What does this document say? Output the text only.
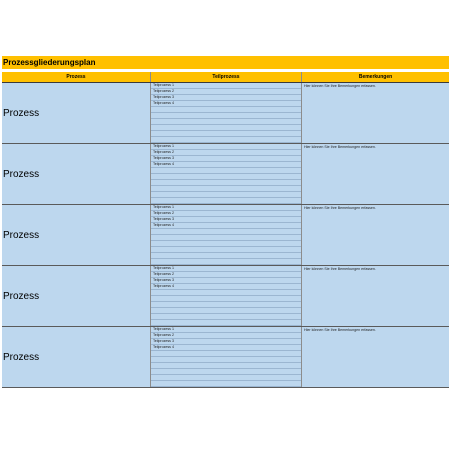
Prozessgliederungsplan
Prozess	Teilprozess	Bemerkungen
Prozess
Teilprozess 1
Teilprozess 2
Teilprozess 3
Teilprozess 4
Hier können Sie Ihre Bemerkungen erfassen.
Prozess
Teilprozess 1
Teilprozess 2
Teilprozess 3
Teilprozess 4
Hier können Sie Ihre Bemerkungen erfassen.
Prozess
Teilprozess 1
Teilprozess 2
Teilprozess 3
Teilprozess 4
Hier können Sie Ihre Bemerkungen erfassen.
Prozess
Teilprozess 1
Teilprozess 2
Teilprozess 3
Teilprozess 4
Hier können Sie Ihre Bemerkungen erfassen.
Prozess
Teilprozess 1
Teilprozess 2
Teilprozess 3
Teilprozess 4
Hier können Sie Ihre Bemerkungen erfassen.
